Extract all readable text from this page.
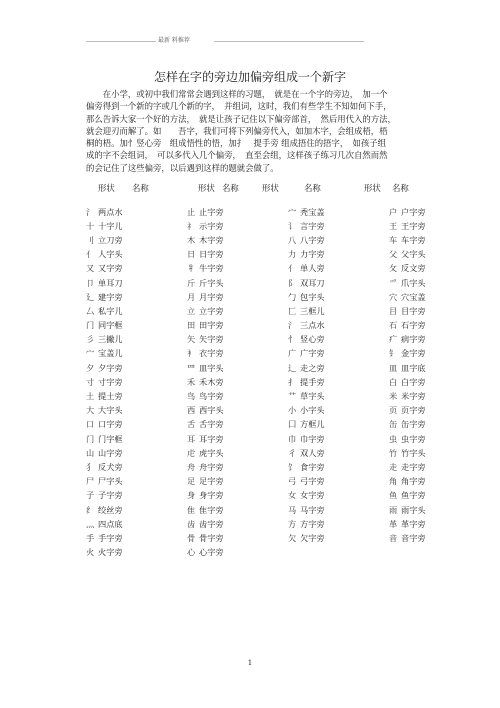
最新 料推荐
怎样在字的旁边加偏旁组成一个新字
　　在小学，或初中我们常常会遇到这样的习题，　就是在一个字的旁边，　加一个
偏旁得到一个新的字或几个新的字，　并组词，这时，我们有些学生不知如何下手，
那么告诉大家一个好的方法，　就是让孩子记住以下偏旁部首，　然后用代入的方法，
就会迎刃而解了。如　　吾字，我们可将下列偏旁代入，如加木字，会组成梧，梧
桐的梧。加忄竖心旁　组成悟性的悟，加扌　提手旁 组成捂住的捂字，　如孩子组
成的字不会组词，　可以多代入几个偏旁，　直至会组，这样孩子练习几次自然而然
的会记住了这些偏旁，以后遇到这样的题就会做了。
形状 名称	形状 名称	形状	名称	形状 名称
氵	两点水	止	止字旁	宀	秃宝盖	户	户字旁
十	十字儿	礻	示字旁	讠	言字旁	王	王字旁
刂	立刀旁	木	木字旁	八	八字旁	车	车字旁
亻	人字头	日	日字旁	力	力字旁	父	父字头
又	又字旁	牜	牛字旁	亻	单人旁	攵	反文旁
卩	单耳刀	斤	斤字头	阝	双耳刀	爫	爪字头
廴	建字旁	月	月字旁	勹	包字头	穴	穴宝盖
厶	私字儿	立	立字旁	匚	三框儿	目	目字旁
门	同字框	田	田字旁	氵	三点水	石	石字旁
彡	三撇儿	矢	矢字旁	忄	竖心旁	疒	病字旁
宀	宝盖儿	衤	衣字旁	广	广字旁	钅	金字旁
夕	夕字旁	罒	皿字头	辶	走之旁	皿	皿字底
寸	寸字旁	禾	禾木旁	扌	提手旁	白	白字旁
土	提土旁	鸟	鸟字旁	艹	草字头	米	米字旁
大	大字头	西	西字头	小	小字头	页	页字旁
口	口字旁	舌	舌字旁	囗	方框儿	缶	缶字旁
门	门字框	耳	耳字旁	巾	巾字旁	虫	虫字旁
山	山字旁	虍	虎字头	彳	双人旁	竹	竹字头
犭	反犬旁	舟	舟字旁	饣	食字旁	走	走字旁
尸	尸字头	足	足字旁	弓	弓字旁	角	角字旁
子	子字旁	身	身字旁	女	女字旁	鱼	鱼字旁
纟	绞丝旁	隹	隹字旁	马	马字旁	雨	雨字头
灬	四点底	齿	齿字旁	方	方字旁	革	革字旁
手	手字旁	骨	骨字旁	欠	欠字旁	音	音字旁
火	火字旁	心	心字旁				
1
